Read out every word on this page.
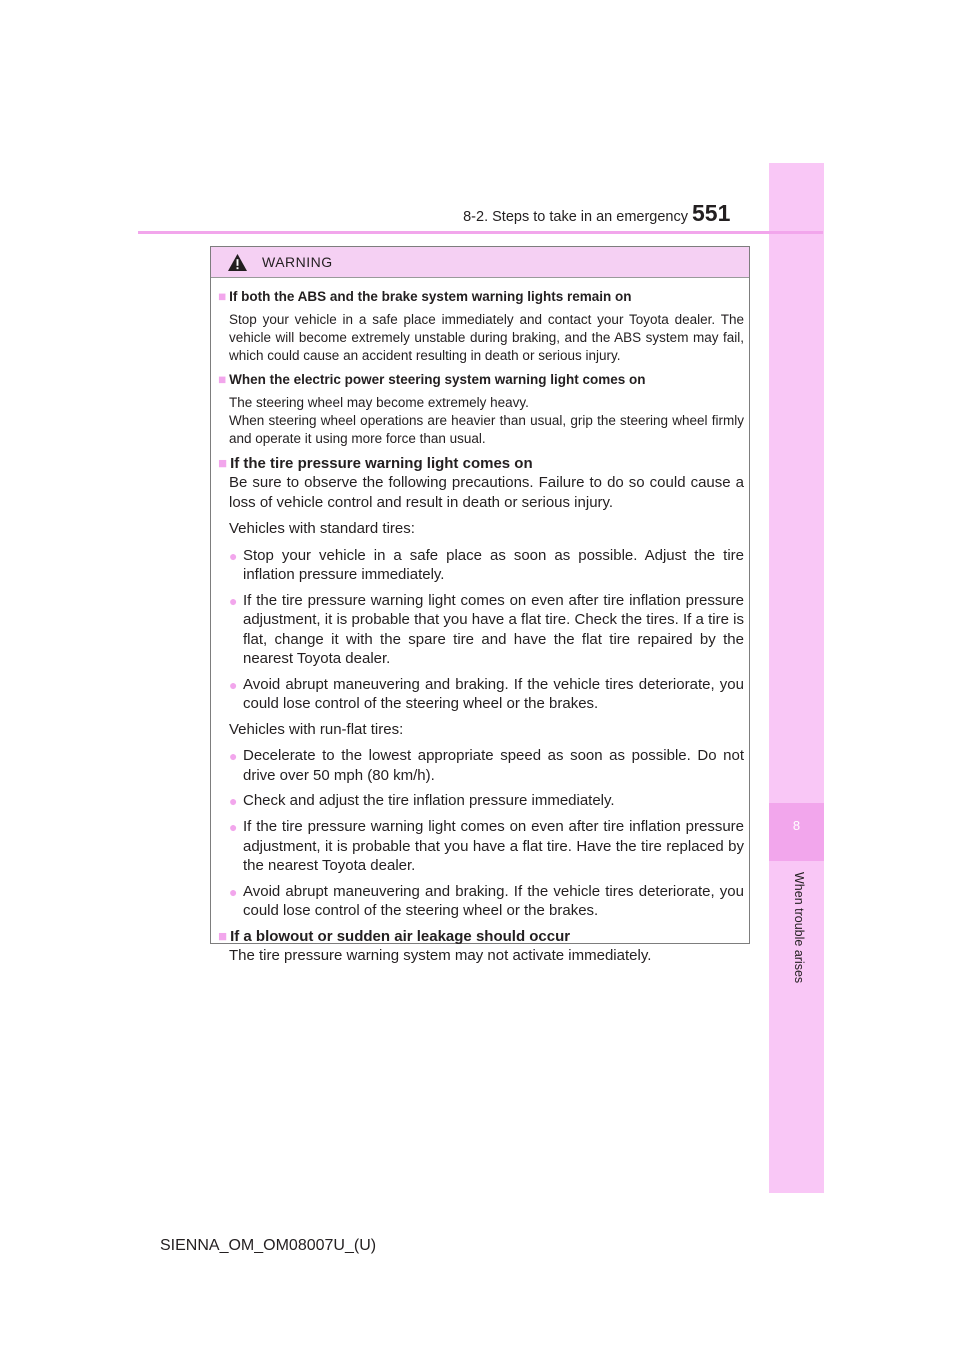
8
When trouble arises
8-2. Steps to take in an emergency 551
WARNING
■ If both the ABS and the brake system warning lights remain on

Stop your vehicle in a safe place immediately and contact your Toyota dealer. The vehicle will become extremely unstable during braking, and the ABS system may fail, which could cause an accident resulting in death or serious injury.

■ When the electric power steering system warning light comes on

The steering wheel may become extremely heavy.

When steering wheel operations are heavier than usual, grip the steering wheel firmly and operate it using more force than usual.

■ If the tire pressure warning light comes on

Be sure to observe the following precautions. Failure to do so could cause a loss of vehicle control and result in death or serious injury.

Vehicles with standard tires:

● Stop your vehicle in a safe place as soon as possible. Adjust the tire inflation pressure immediately.
● If the tire pressure warning light comes on even after tire inflation pressure adjustment, it is probable that you have a flat tire. Check the tires. If a tire is flat, change it with the spare tire and have the flat tire repaired by the nearest Toyota dealer.
● Avoid abrupt maneuvering and braking. If the vehicle tires deteriorate, you could lose control of the steering wheel or the brakes.

Vehicles with run-flat tires:

● Decelerate to the lowest appropriate speed as soon as possible. Do not drive over 50 mph (80 km/h).
● Check and adjust the tire inflation pressure immediately.
● If the tire pressure warning light comes on even after tire inflation pressure adjustment, it is probable that you have a flat tire. Have the tire replaced by the nearest Toyota dealer.
● Avoid abrupt maneuvering and braking. If the vehicle tires deteriorate, you could lose control of the steering wheel or the brakes.
■ If a blowout or sudden air leakage should occur

The tire pressure warning system may not activate immediately.

SIENNA_OM_OM08007U_(U)
